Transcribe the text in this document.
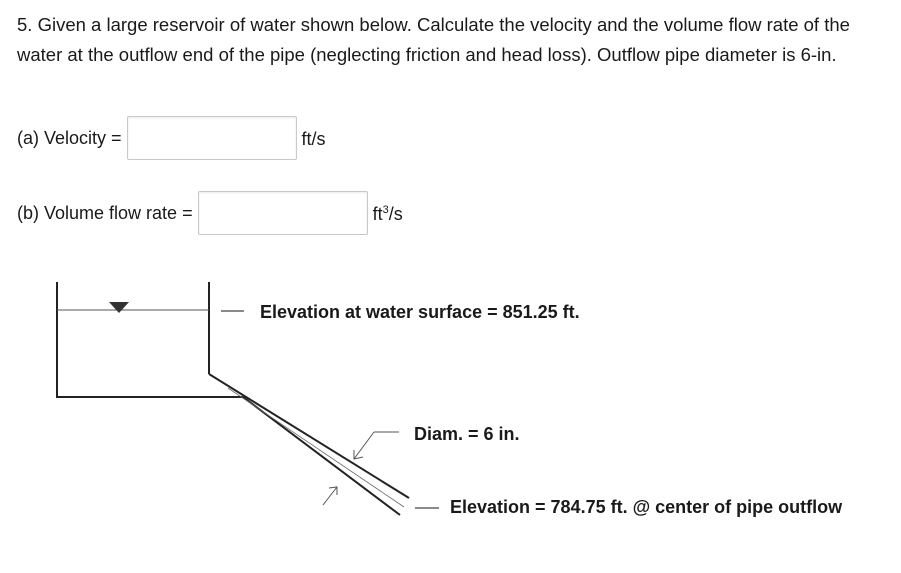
5. Given a large reservoir of water shown below. Calculate the velocity and the volume flow rate of the water at the outflow end of the pipe (neglecting friction and head loss). Outflow pipe diameter is 6-in.

(a) Velocity =	ft/s
(b) Volume flow rate =	$ft^3/s$
Elevation at water surface = 851.25 ft.
Diam. = 6 in.
Elevation = 784.75 ft. @ center of pipe outflow
